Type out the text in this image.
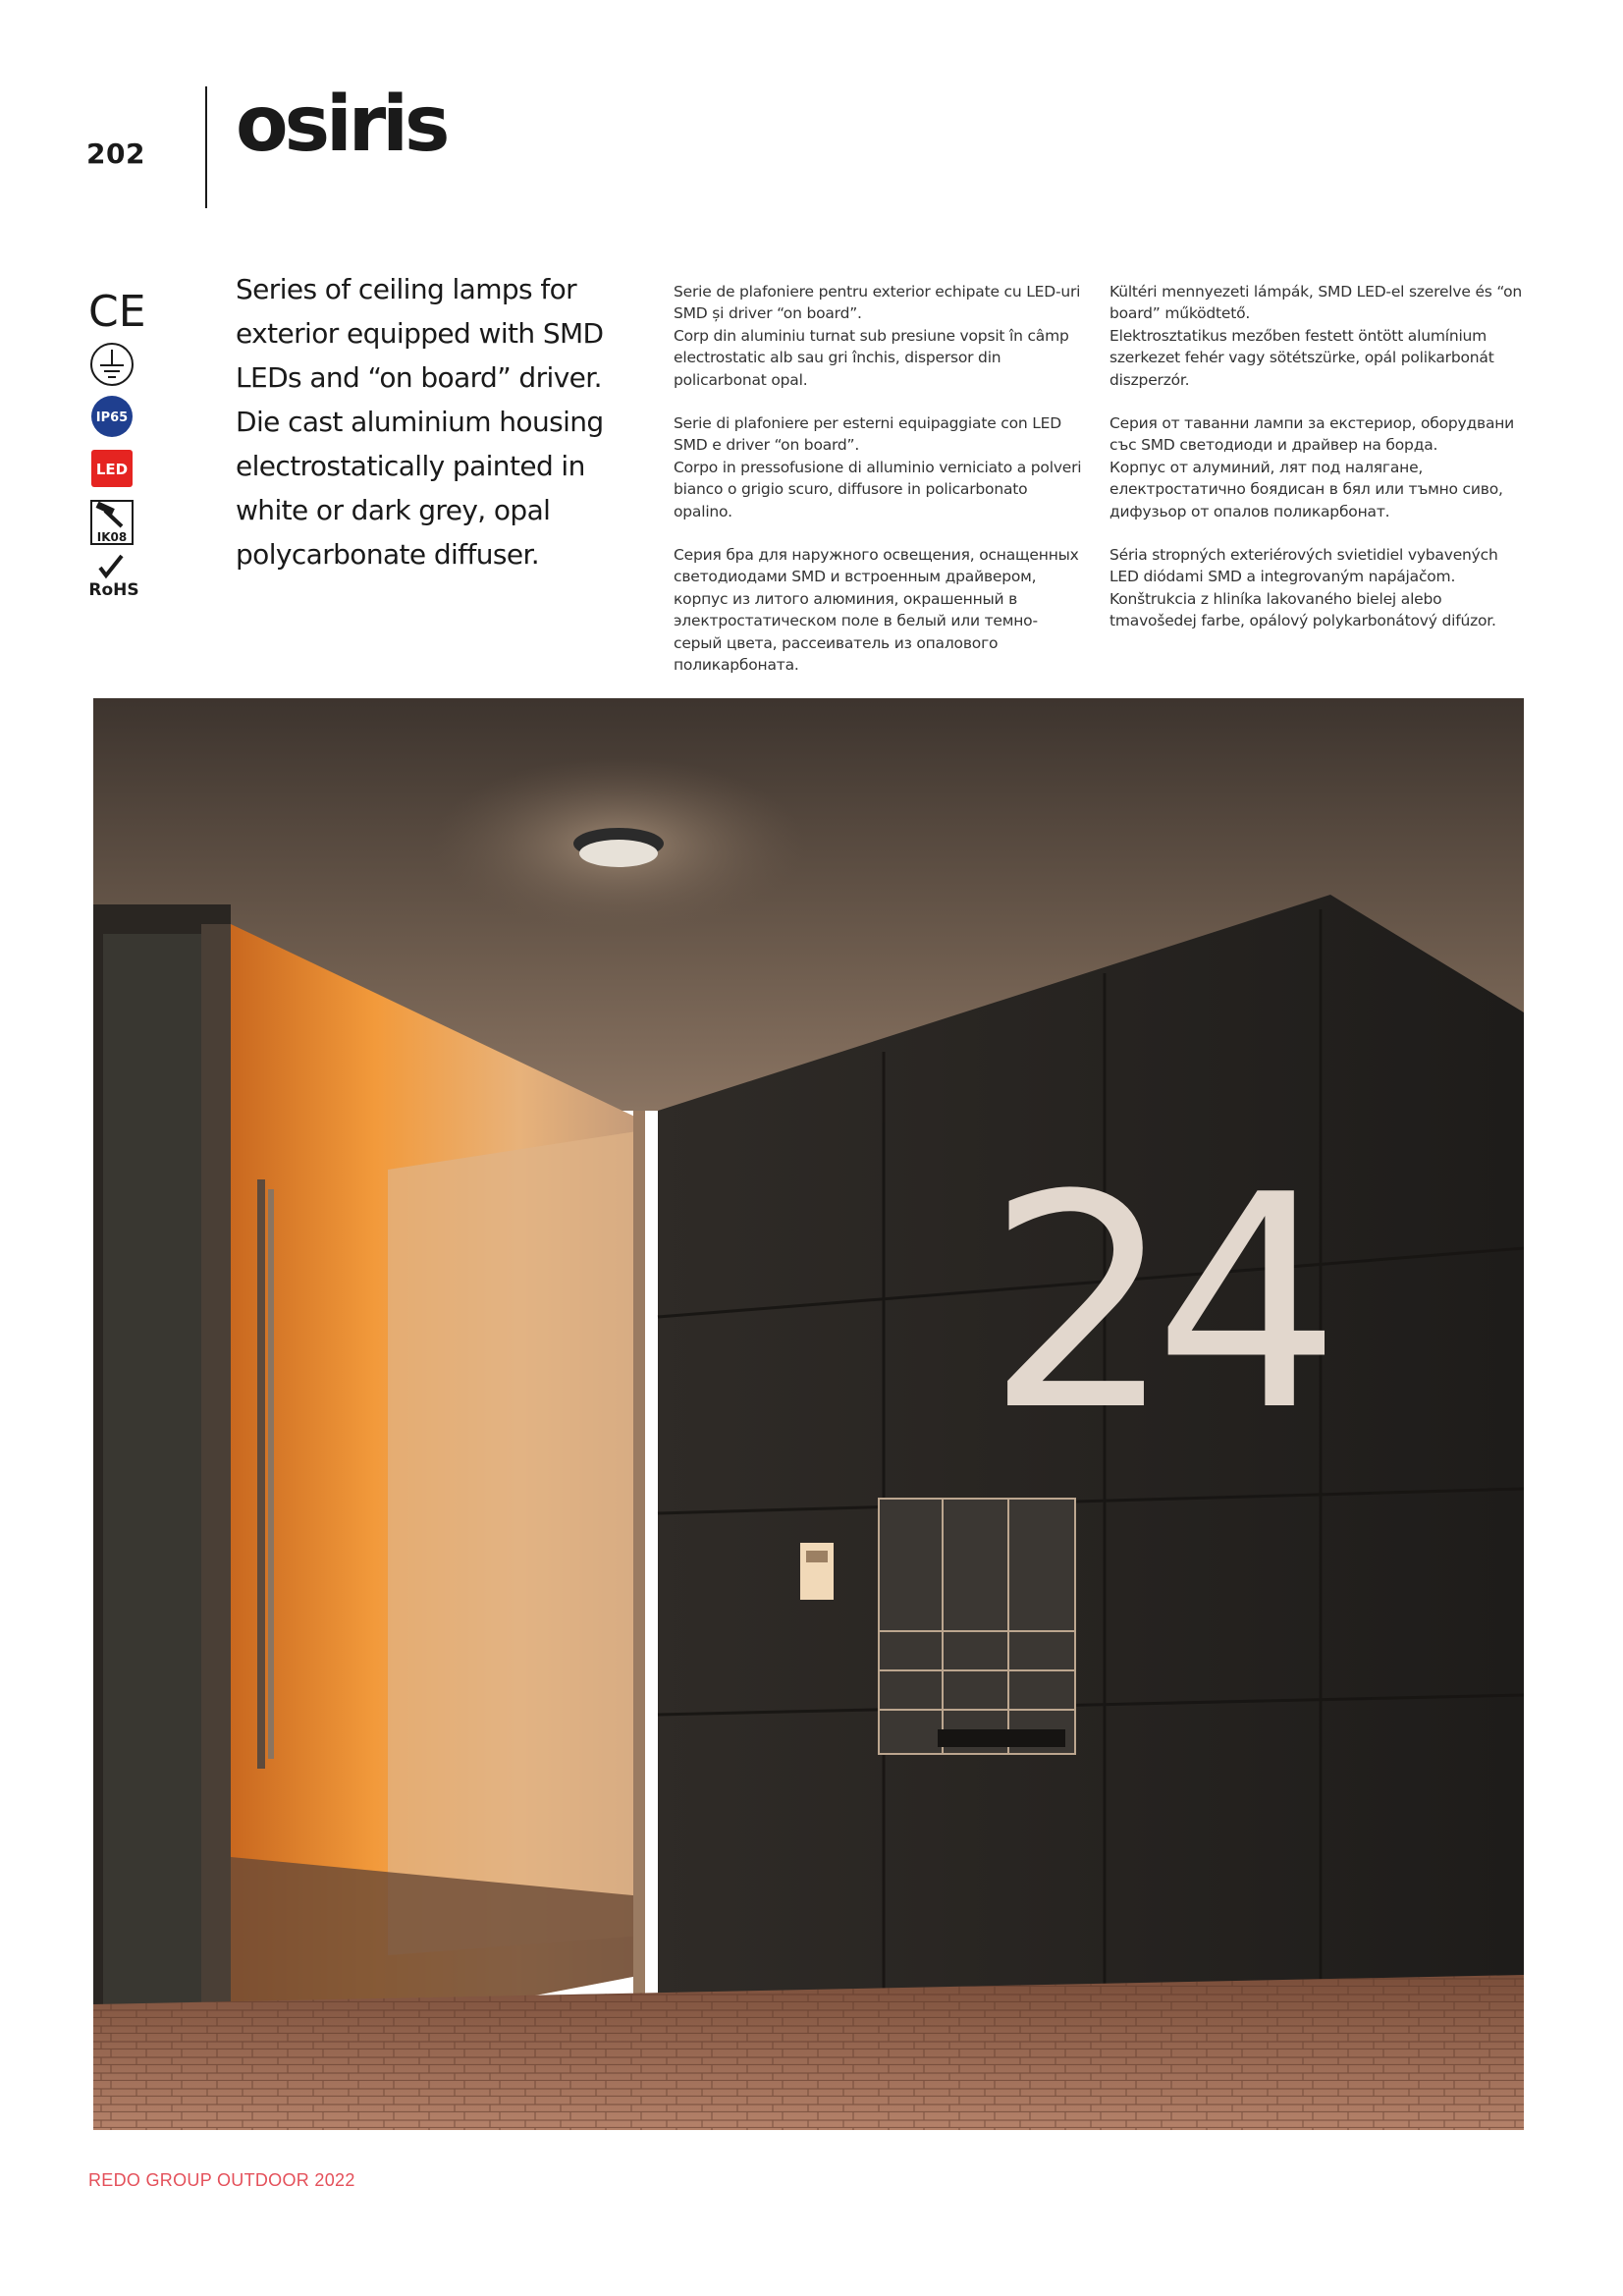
202 osiris
CE
IP65
LED
IK08
RoHS

Series of ceiling lamps for exterior equipped with SMD LEDs and “on board” driver.

Die cast aluminium housing electrostatically painted in white or dark grey, opal polycarbonate diffuser.

Serie de plafoniere pentru exterior echipate cu LED-uri SMD și driver “on board”.
Corp din aluminiu turnat sub presiune vopsit în câmp electrostatic alb sau gri închis, dispersor din policarbonat opal.

Serie di plafoniere per esterni equipaggiate con LED SMD e driver “on board”.
Corpo in pressofusione di alluminio verniciato a polveri bianco o grigio scuro, diffusore in policarbonato opalino.

Серия бра для наружного освещения, оснащенных светодиодами SMD и встроенным драйвером, корпус из литого алюминия, окрашенный в электростатическом поле в белый или темно-серый цвета, рассеиватель из опалового поликарбоната.

Kültéri mennyezeti lámpák, SMD LED-el szerelve és “on board” működtető.
Elektrosztatikus mezőben festett öntött alumínium szerkezet fehér vagy sötétszürke, opál polikarbonát diszperzór.

Серия от таванни лампи за екстериор, оборудвани със SMD светодиоди и драйвер на борда.
Корпус от алуминий, лят под налягане, електростатично боядисан в бял или тъмно сиво, дифузьор от опалов поликарбонат.

Séria stropných exteriérových svietidiel vybavených LED diódami SMD a integrovaným napájačom.
Konštrukcia z hliníka lakovaného bielej alebo tmavošedej farbe, opálový polykarbonátový difúzor.

24
REDO GROUP OUTDOOR 2022
